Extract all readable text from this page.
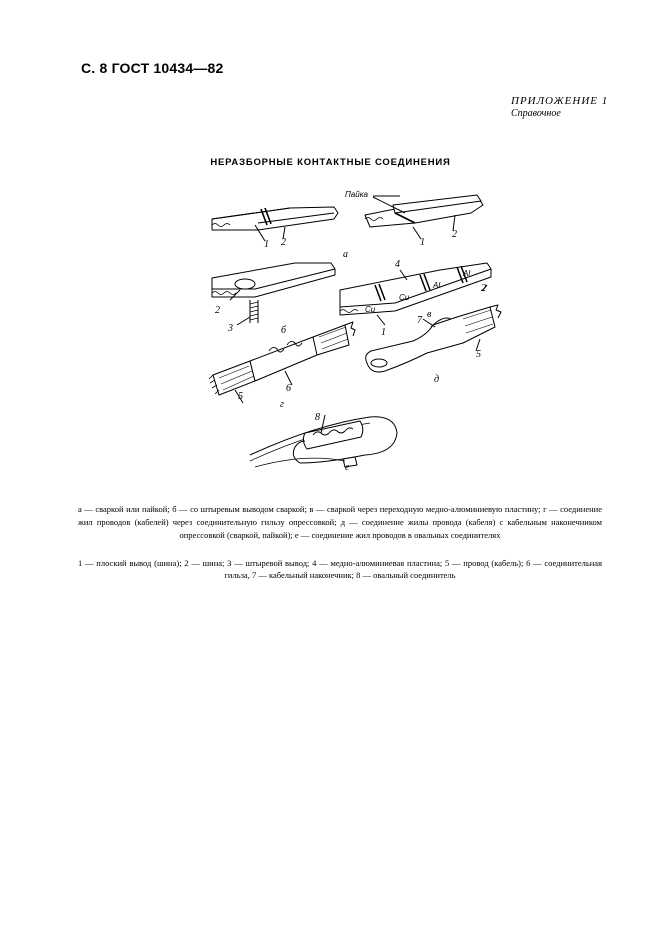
С. 8 ГОСТ 10434—82
ПРИЛОЖЕНИЕ 1
Справочное
НЕРАЗБОРНЫЕ КОНТАКТНЫЕ СОЕДИНЕНИЯ
Пайка
1 2	1
2
а
2
3	б
4
Cu
Cu
Al
Al
1
2
в
6
5
г
7
5
д
8
е
а — сваркой или пайкой; б — со штыревым выводом сваркой; в — сваркой через переходную медно-алюминиевую пластину; г — соединение жил проводов (кабелей) через соединительную гильзу опрессовкой; д — соединение жилы провода (кабеля) с кабельным наконечником опрессовкой (сваркой, пайкой); е — соединение жил проводов в овальных соединителях
1 — плоский вывод (шина); 2 — шина; 3 — штыревой вывод; 4 — медно-алюминиевая пластина; 5 — провод (кабель); 6 — соединительная гильза, 7 — кабельный наконечник; 8 — овальный соединитель
